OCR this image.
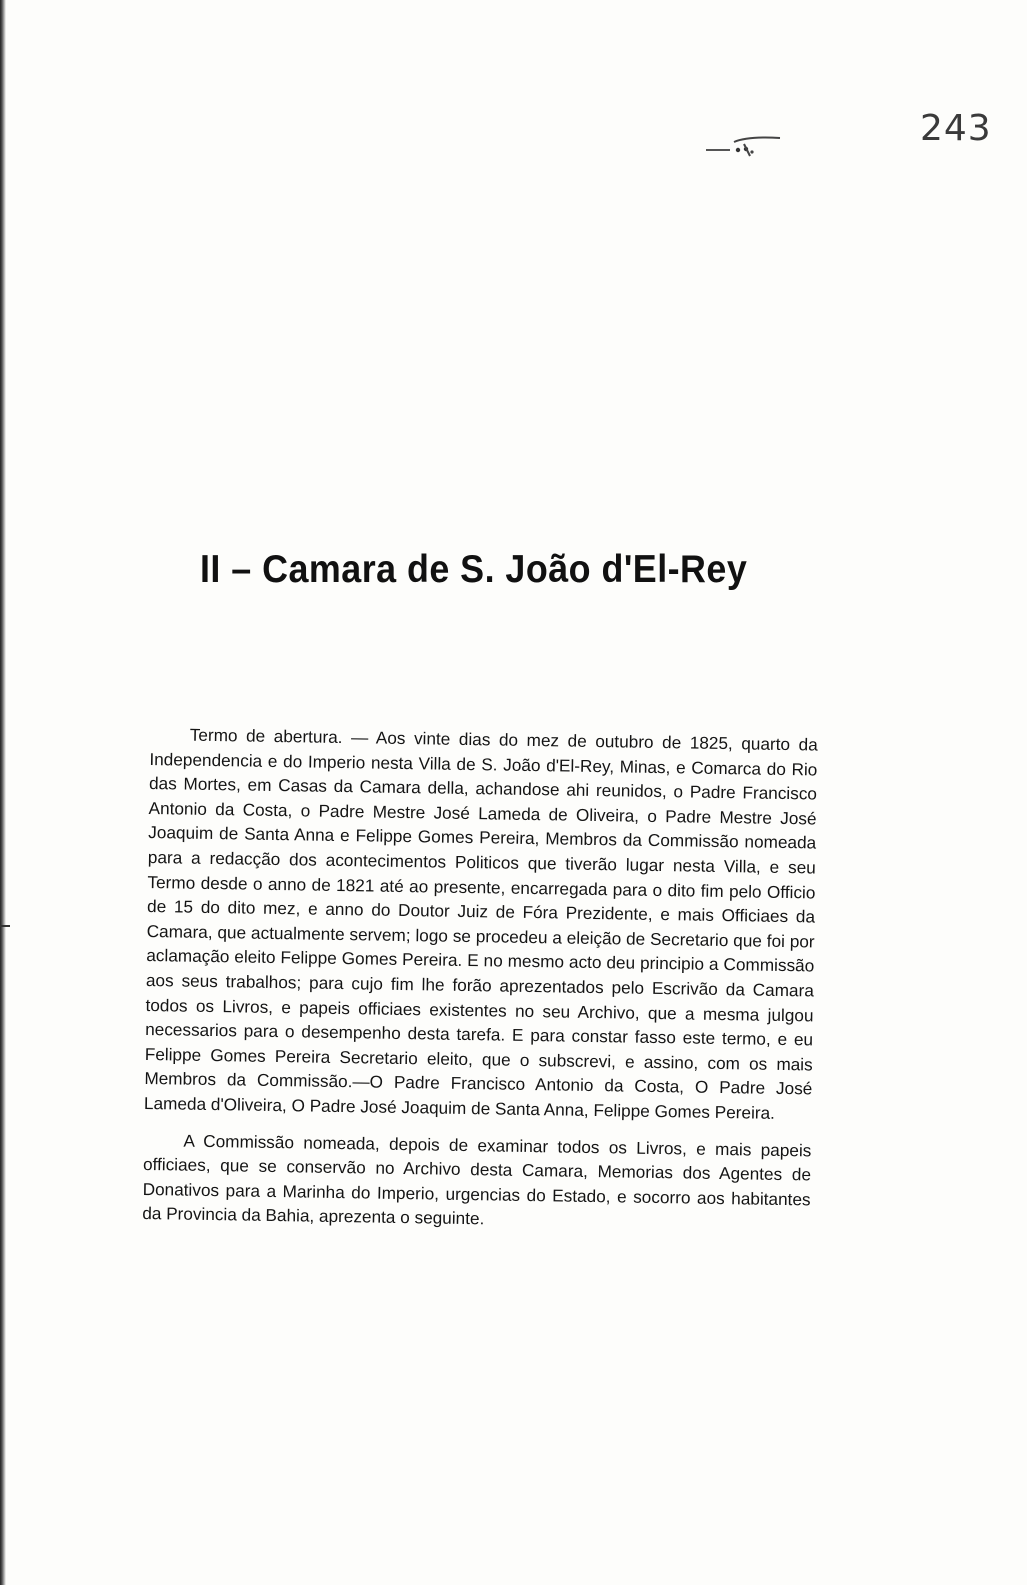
243
II – Camara de S. João d'El-Rey

Termo de abertura. — Aos vinte dias do mez de outubro de 1825, quarto da Independencia e do Imperio nesta Villa de S. João d'El-Rey, Minas, e Comarca do Rio das Mortes, em Casas da Camara della, achandose ahi reunidos, o Padre Francisco Antonio da Costa, o Padre Mestre José Lameda de Oliveira, o Padre Mestre José Joaquim de Santa Anna e Felippe Gomes Pereira, Membros da Commissão nomeada para a redacção dos acontecimentos Politicos que tiverão lugar nesta Villa, e seu Termo desde o anno de 1821 até ao presente, encarregada para o dito fim pelo Officio de 15 do dito mez, e anno do Doutor Juiz de Fóra Prezidente, e mais Officiaes da Camara, que actualmente servem; logo se procedeu a eleição de Secretario que foi por aclamação eleito Felippe Gomes Pereira. E no mesmo acto deu principio a Commissão aos seus trabalhos; para cujo fim lhe forão aprezentados pelo Escrivão da Camara todos os Livros, e papeis officiaes existentes no seu Archivo, que a mesma julgou necessarios para o desempenho desta tarefa. E para constar fasso este termo, e eu Felippe Gomes Pereira Secretario eleito, que o subscrevi, e assino, com os mais Membros da Commissão.—O Padre Francisco Antonio da Costa, O Padre José Lameda d'Oliveira, O Padre José Joaquim de Santa Anna, Felippe Gomes Pereira.

A Commissão nomeada, depois de examinar todos os Livros, e mais papeis officiaes, que se conservão no Archivo desta Camara, Memorias dos Agentes de Donativos para a Marinha do Imperio, urgencias do Estado, e socorro aos habitantes da Provincia da Bahia, aprezenta o seguinte.
